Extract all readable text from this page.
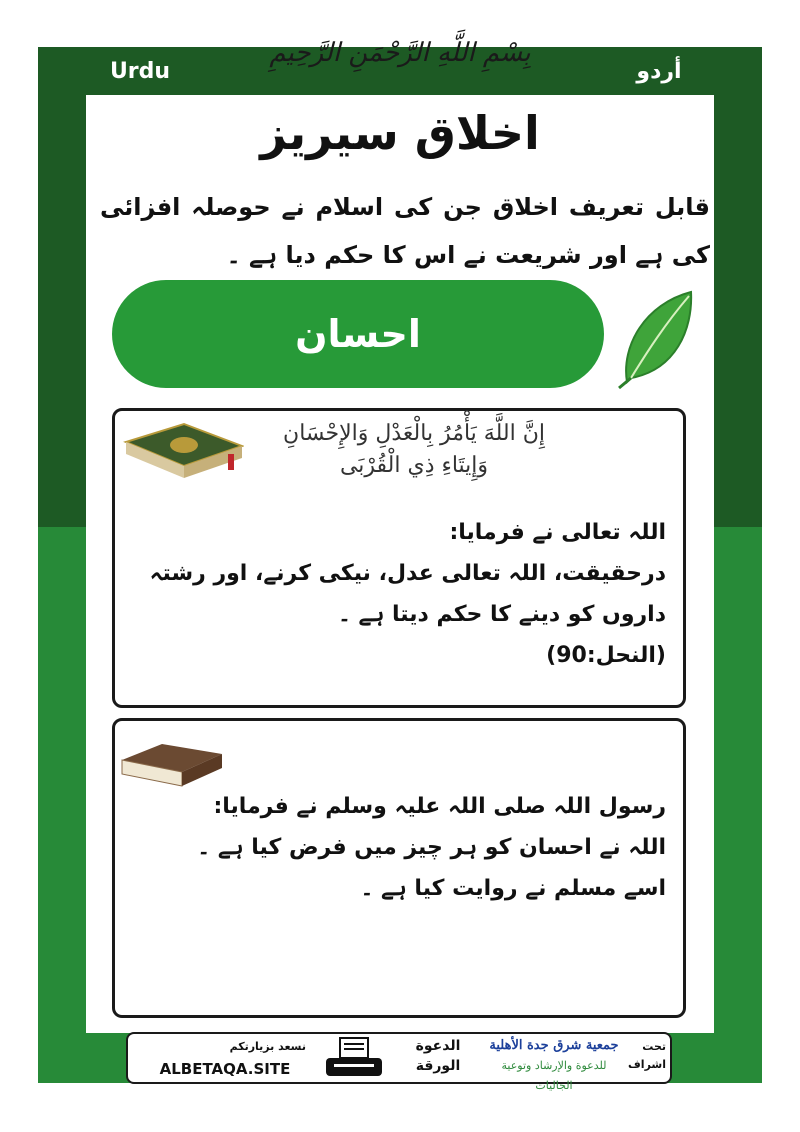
Urdu	أردو
بِسْمِ اللَّهِ الرَّحْمَنِ الرَّحِيمِ
اخلاق سیریز
قابل تعریف اخلاق جن کی اسلام نے حوصلہ افزائی کی ہے اور شریعت نے اس کا حکم دیا ہے ۔
احسان
إِنَّ اللَّهَ يَأْمُرُ بِالْعَدْلِ وَالإِحْسَانِ
وَإِيتَاءِ ذِي الْقُرْبَى
اللہ تعالی نے فرمایا:
درحقیقت، اللہ تعالی عدل، نیکی کرنے، اور رشتہ
داروں کو دینے کا حکم دیتا ہے ۔
(النحل:90)
رسول اللہ صلی اللہ علیہ وسلم نے فرمایا:
اللہ نے احسان کو ہر چیز میں فرض کیا ہے ۔
اسے مسلم نے روایت کیا ہے ۔
نسعد بزيارتكم
ALBETAQA.SITE
الدعوة
الورقة
جمعية شرق جدة الأهلية
للدعوة والإرشاد وتوعية الجاليات
تحت
اشراف
